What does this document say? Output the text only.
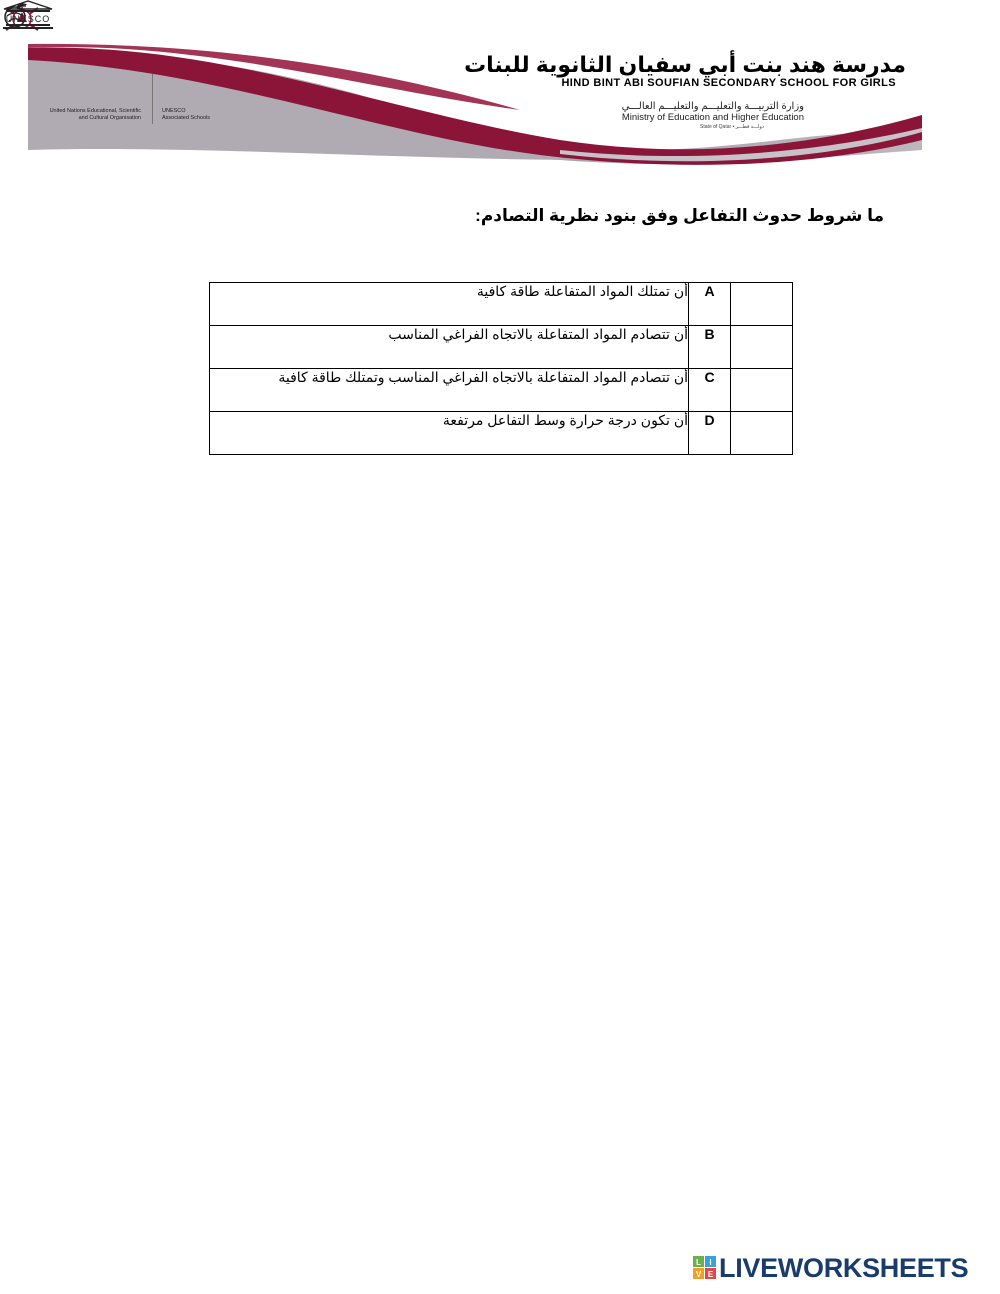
مدرسة هند بنت أبي سفيان الثانوية للبنات
HIND BINT ABI SOUFIAN SECONDARY SCHOOL FOR GIRLS
وزارة التربيـــة والتعليـــم والتعليـــم العالـــي
Ministry of Education and Higher Education
State of Qatar • دولـــة قطـــر
UNESCO
United Nations Educational, Scientific and Cultural Organisation
UNESCO Associated Schools
ما شروط حدوث التفاعل وفق بنود نظرية التصادم:
أن تمتلك المواد المتفاعلة طاقة كافية	A	
أن تتصادم المواد المتفاعلة بالاتجاه الفراغي المناسب	B	
أن تتصادم المواد المتفاعلة بالاتجاه الفراغي المناسب وتمتلك طاقة كافية	C	
أن تكون درجة حرارة وسط التفاعل مرتفعة	D	
L I
V E LIVEWORKSHEETS
